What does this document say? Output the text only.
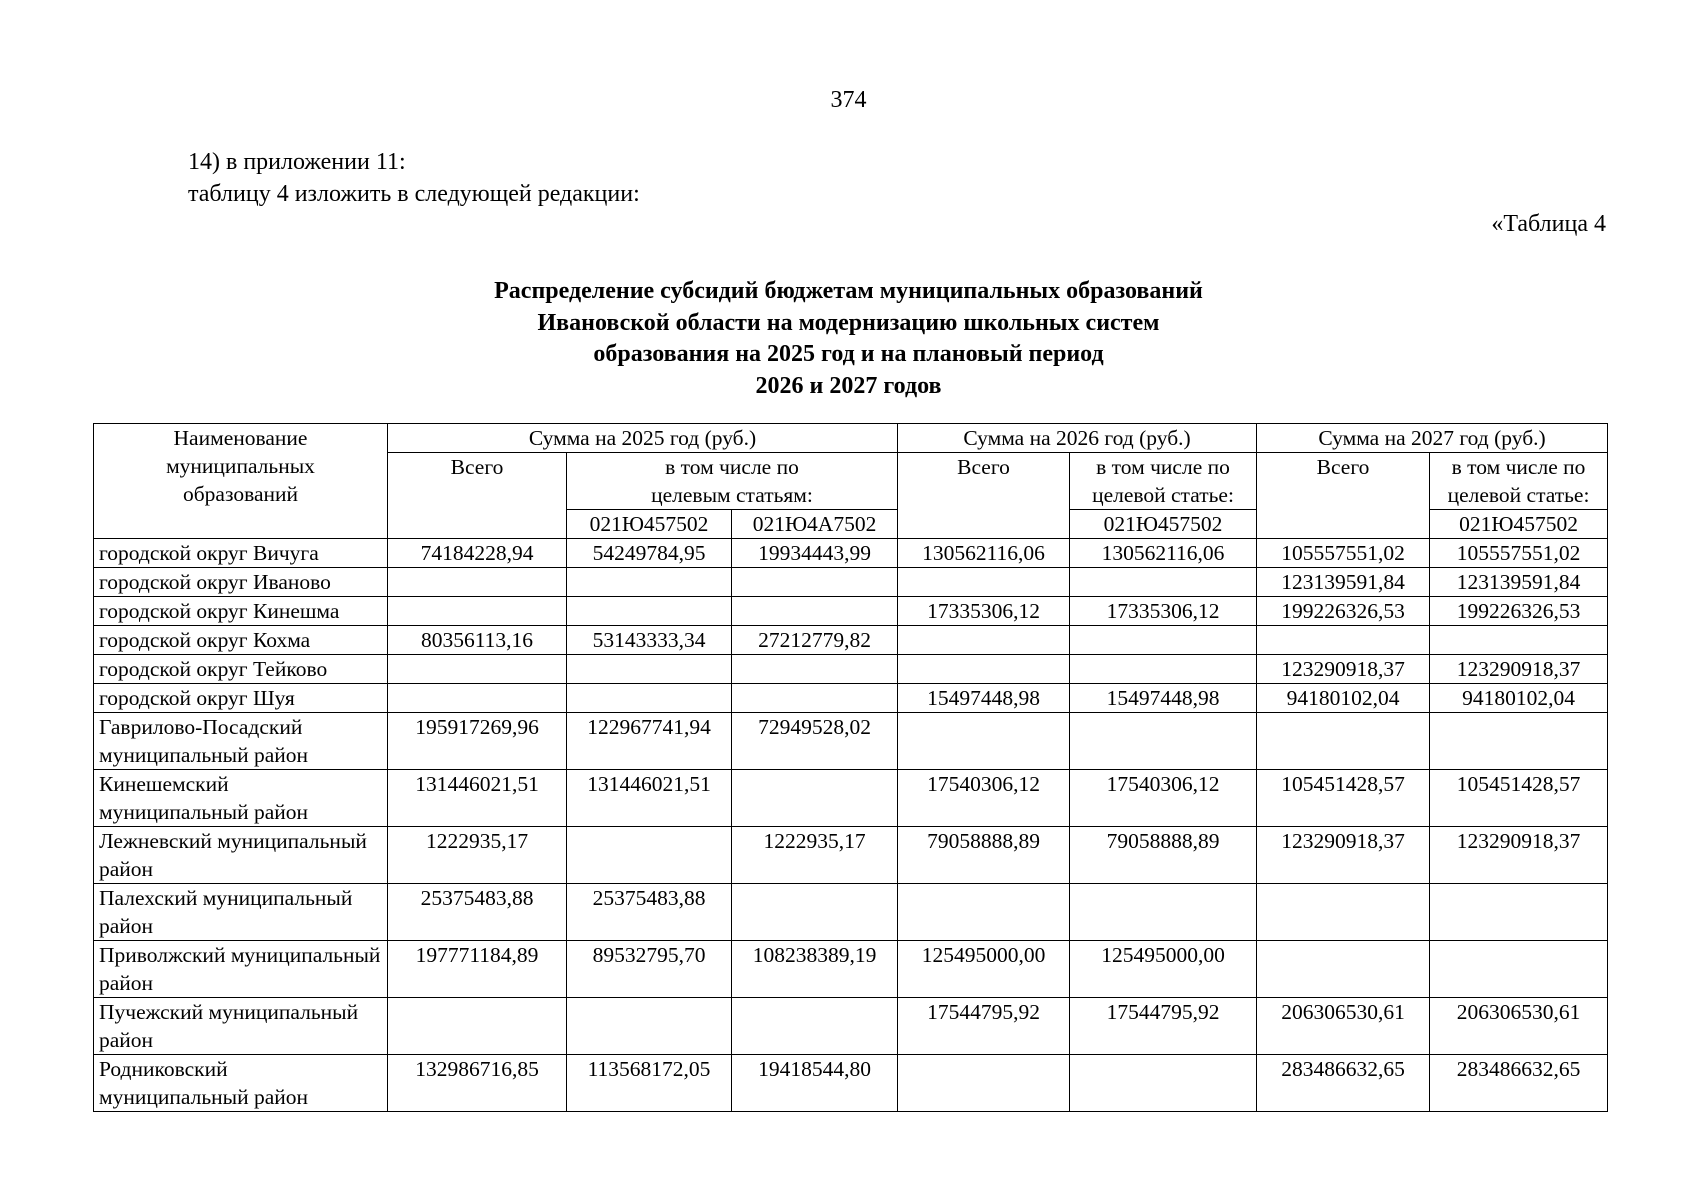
374
14) в приложении 11:
таблицу 4 изложить в следующей редакции:
«Таблица 4
Распределение субсидий бюджетам муниципальных образований
Ивановской области на модернизацию школьных систем
образования на 2025 год и на плановый период
2026 и 2027 годов
Наименование муниципальных образований	Сумма на 2025 год (руб.)			Сумма на 2026 год (руб.)		Сумма на 2027 год (руб.)	
	Всего	в том числе по целевым статьям:		Всего	в том числе по целевой статье:	Всего	в том числе по целевой статье:

		021Ю457502	021Ю4А7502		021Ю457502		021Ю457502
городской округ Вичуга	74184228,94	54249784,95	19934443,99	130562116,06	130562116,06	105557551,02	105557551,02
городской округ Иваново						123139591,84	123139591,84
городской округ Кинешма				17335306,12	17335306,12	199226326,53	199226326,53
городской округ Кохма	80356113,16	53143333,34	27212779,82				
городской округ Тейково						123290918,37	123290918,37
городской округ Шуя				15497448,98	15497448,98	94180102,04	94180102,04
Гаврилово-Посадский муниципальный район	195917269,96	122967741,94	72949528,02				
Кинешемский муниципальный район	131446021,51	131446021,51		17540306,12	17540306,12	105451428,57	105451428,57
Лежневский муниципальный район	1222935,17		1222935,17	79058888,89	79058888,89	123290918,37	123290918,37
Палехский муниципальный район	25375483,88	25375483,88					
Приволжский муниципальный район	197771184,89	89532795,70	108238389,19	125495000,00	125495000,00		
Пучежский муниципальный район				17544795,92	17544795,92	206306530,61	206306530,61
Родниковский муниципальный район	132986716,85	113568172,05	19418544,80			283486632,65	283486632,65
